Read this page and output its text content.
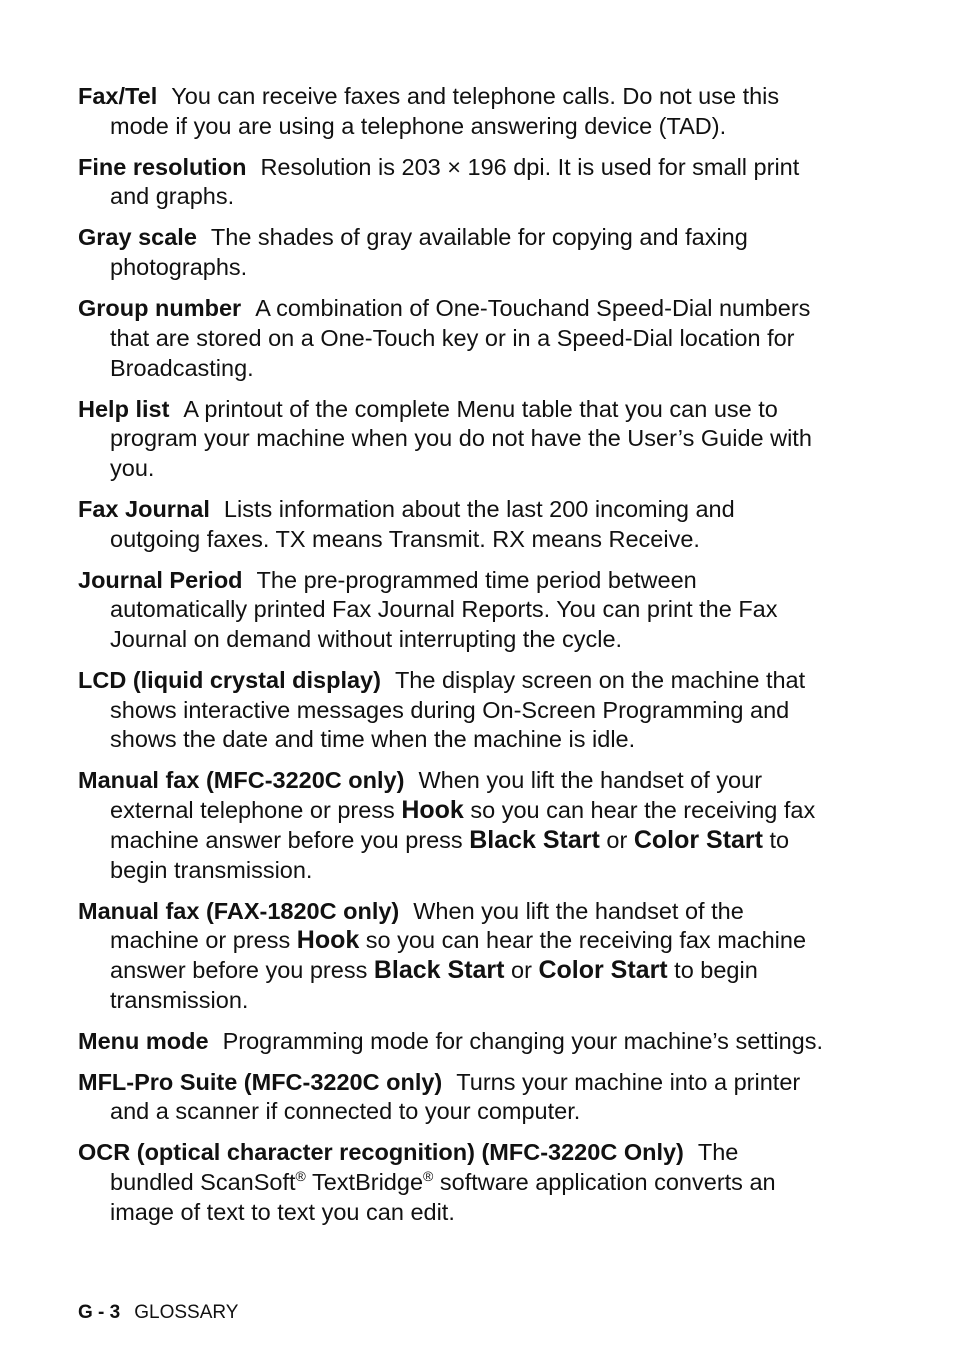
Fax/Tel You can receive faxes and telephone calls. Do not use this mode if you are using a telephone answering device (TAD).

Fine resolution Resolution is 203 × 196 dpi. It is used for small print and graphs.

Gray scale The shades of gray available for copying and faxing photographs.

Group number A combination of One-Touchand Speed-Dial numbers that are stored on a One-Touch key or in a Speed-Dial location for Broadcasting.

Help list A printout of the complete Menu table that you can use to program your machine when you do not have the User’s Guide with you.

Fax Journal Lists information about the last 200 incoming and outgoing faxes. TX means Transmit. RX means Receive.

Journal Period The pre-programmed time period between automatically printed Fax Journal Reports. You can print the Fax Journal on demand without interrupting the cycle.

LCD (liquid crystal display) The display screen on the machine that shows interactive messages during On-Screen Programming and shows the date and time when the machine is idle.

Manual fax (MFC-3220C only) When you lift the handset of your external telephone or press Hook so you can hear the receiving fax machine answer before you press Black Start or Color Start to begin transmission.

Manual fax (FAX-1820C only) When you lift the handset of the machine or press Hook so you can hear the receiving fax machine answer before you press Black Start or Color Start to begin transmission.

Menu mode Programming mode for changing your machine’s settings.

MFL-Pro Suite (MFC-3220C only) Turns your machine into a printer and a scanner if connected to your computer.

OCR (optical character recognition) (MFC-3220C Only) The bundled ScanSoft® TextBridge® software application converts an image of text to text you can edit.

G - 3 GLOSSARY
